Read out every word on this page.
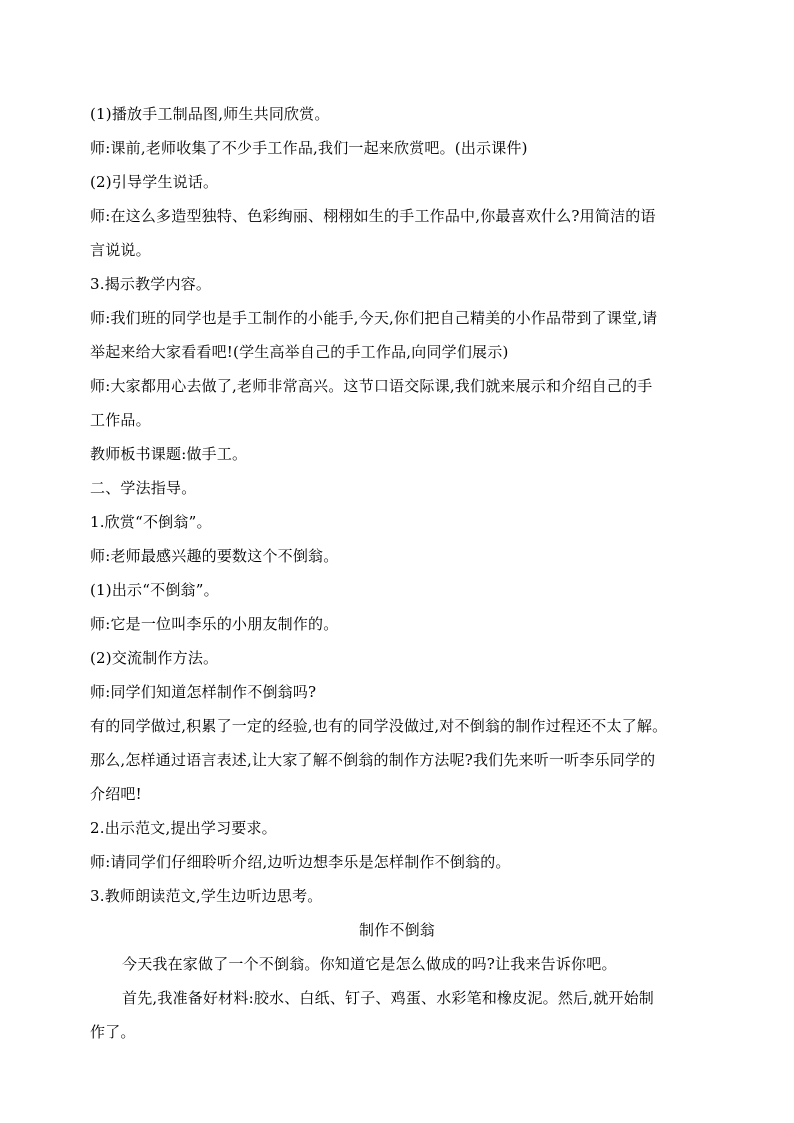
(1)播放手工制品图,师生共同欣赏。
师:课前,老师收集了不少手工作品,我们一起来欣赏吧。(出示课件)
(2)引导学生说话。
师:在这么多造型独特、色彩绚丽、栩栩如生的手工作品中,你最喜欢什么?用简洁的语
言说说。
3.揭示教学内容。
师:我们班的同学也是手工制作的小能手,今天,你们把自己精美的小作品带到了课堂,请
举起来给大家看看吧!(学生高举自己的手工作品,向同学们展示)
师:大家都用心去做了,老师非常高兴。这节口语交际课,我们就来展示和介绍自己的手
工作品。
教师板书课题:做手工。
二、学法指导。
1.欣赏“不倒翁”。
师:老师最感兴趣的要数这个不倒翁。
(1)出示“不倒翁”。
师:它是一位叫李乐的小朋友制作的。
(2)交流制作方法。
师:同学们知道怎样制作不倒翁吗?
有的同学做过,积累了一定的经验,也有的同学没做过,对不倒翁的制作过程还不太了解。
那么,怎样通过语言表述,让大家了解不倒翁的制作方法呢?我们先来听一听李乐同学的
介绍吧!
2.出示范文,提出学习要求。
师:请同学们仔细聆听介绍,边听边想李乐是怎样制作不倒翁的。
3.教师朗读范文,学生边听边思考。
制作不倒翁
今天我在家做了一个不倒翁。你知道它是怎么做成的吗?让我来告诉你吧。
首先,我准备好材料:胶水、白纸、钉子、鸡蛋、水彩笔和橡皮泥。然后,就开始制
作了。
